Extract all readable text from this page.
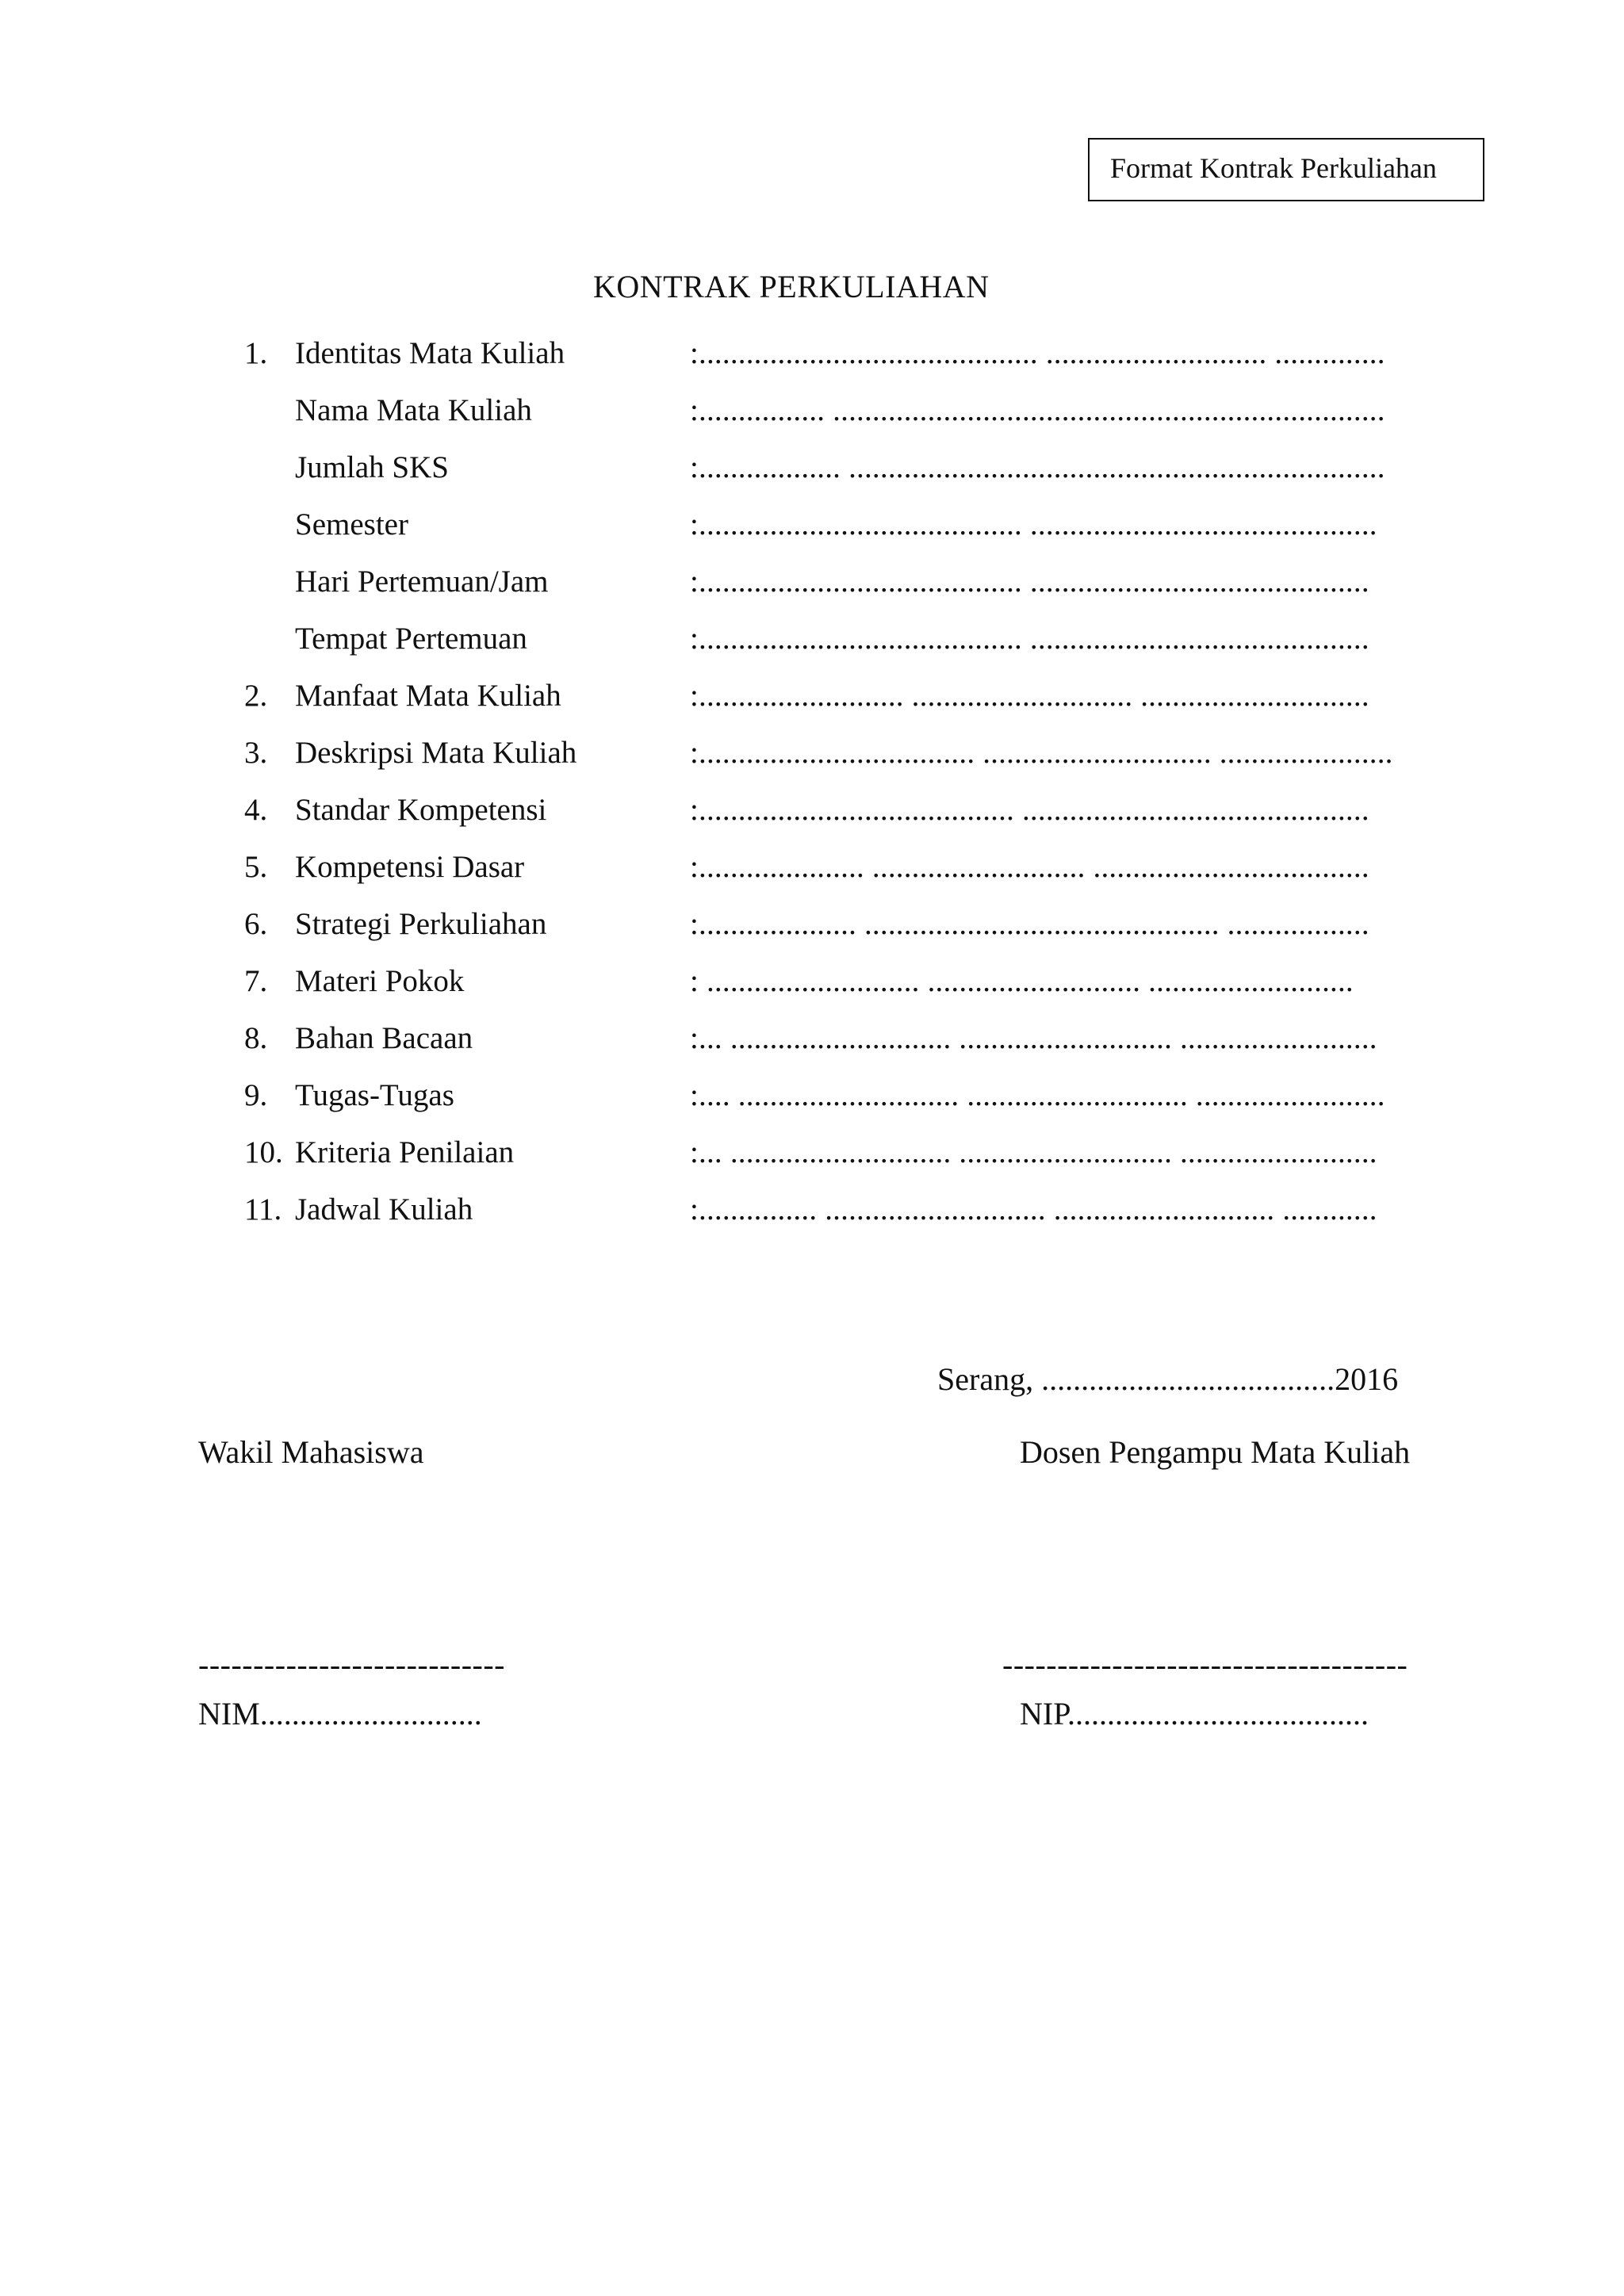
Format Kontrak Perkuliahan
KONTRAK PERKULIAHAN
1. Identitas Mata Kuliah	:........................................... ............................ ..............
Nama Mata Kuliah	:................ ......................................................................
Jumlah SKS	:.................. ....................................................................
Semester	:......................................... ............................................
Hari Pertemuan/Jam	:......................................... ...........................................
Tempat Pertemuan	:......................................... ...........................................
2. Manfaat Mata Kuliah	:.......................... ............................ .............................
3. Deskripsi Mata Kuliah	:................................... ............................. ......................
4. Standar Kompetensi	:........................................ ............................................
5. Kompetensi Dasar	:..................... ........................... ...................................
6. Strategi Perkuliahan	:.................... ............................................. ..................
7. Materi Pokok	: ........................... ........................... ..........................
8. Bahan Bacaan	:... ............................ ........................... .........................
9. Tugas-Tugas	:.... ............................ ............................ ........................
10. Kriteria Penilaian	:... ............................ ........................... .........................
11. Jadwal Kuliah	:............... ............................ ............................ ............
Serang, .....................................2016
Wakil Mahasiswa	Dosen Pengampu Mata Kuliah
----------------------------	-------------------------------------
NIM............................	NIP......................................
